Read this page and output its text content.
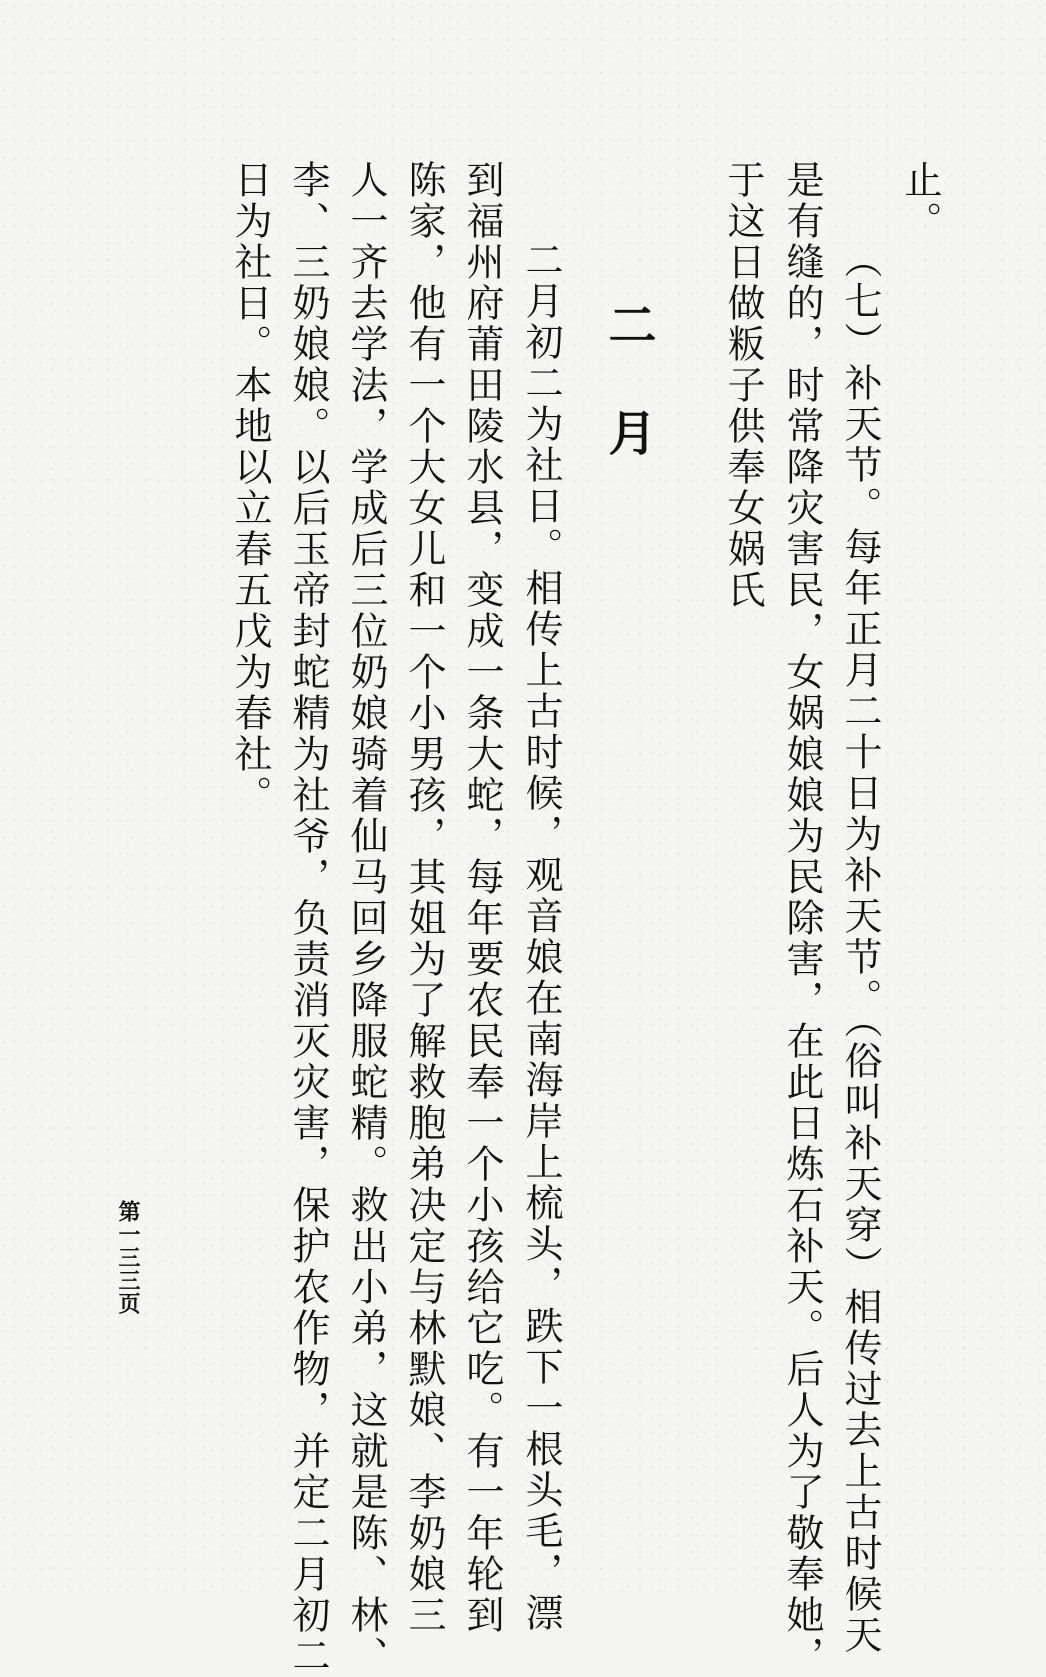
止。
（七）补天节。每年正月二十日为补天节。（俗叫补天穿）相传过去上古时候天
是有缝的，时常降灾害民，女娲娘娘为民除害，在此日炼石补天。后人为了敬奉她，
于这日做粄子供奉女娲氏
二月
二月初二为社日。相传上古时候，观音娘在南海岸上梳头，跌下一根头毛，漂
到福州府莆田陵水县，变成一条大蛇，每年要农民奉一个小孩给它吃。有一年轮到
陈家，他有一个大女儿和一个小男孩，其姐为了解救胞弟决定与林默娘、李奶娘三
人一齐去学法，学成后三位奶娘骑着仙马回乡降服蛇精。救出小弟，这就是陈、林、
李、三奶娘娘。以后玉帝封蛇精为社爷，负责消灭灾害，保护农作物，并定二月初二
日为社日。本地以立春五戊为春社。
第一三三页
